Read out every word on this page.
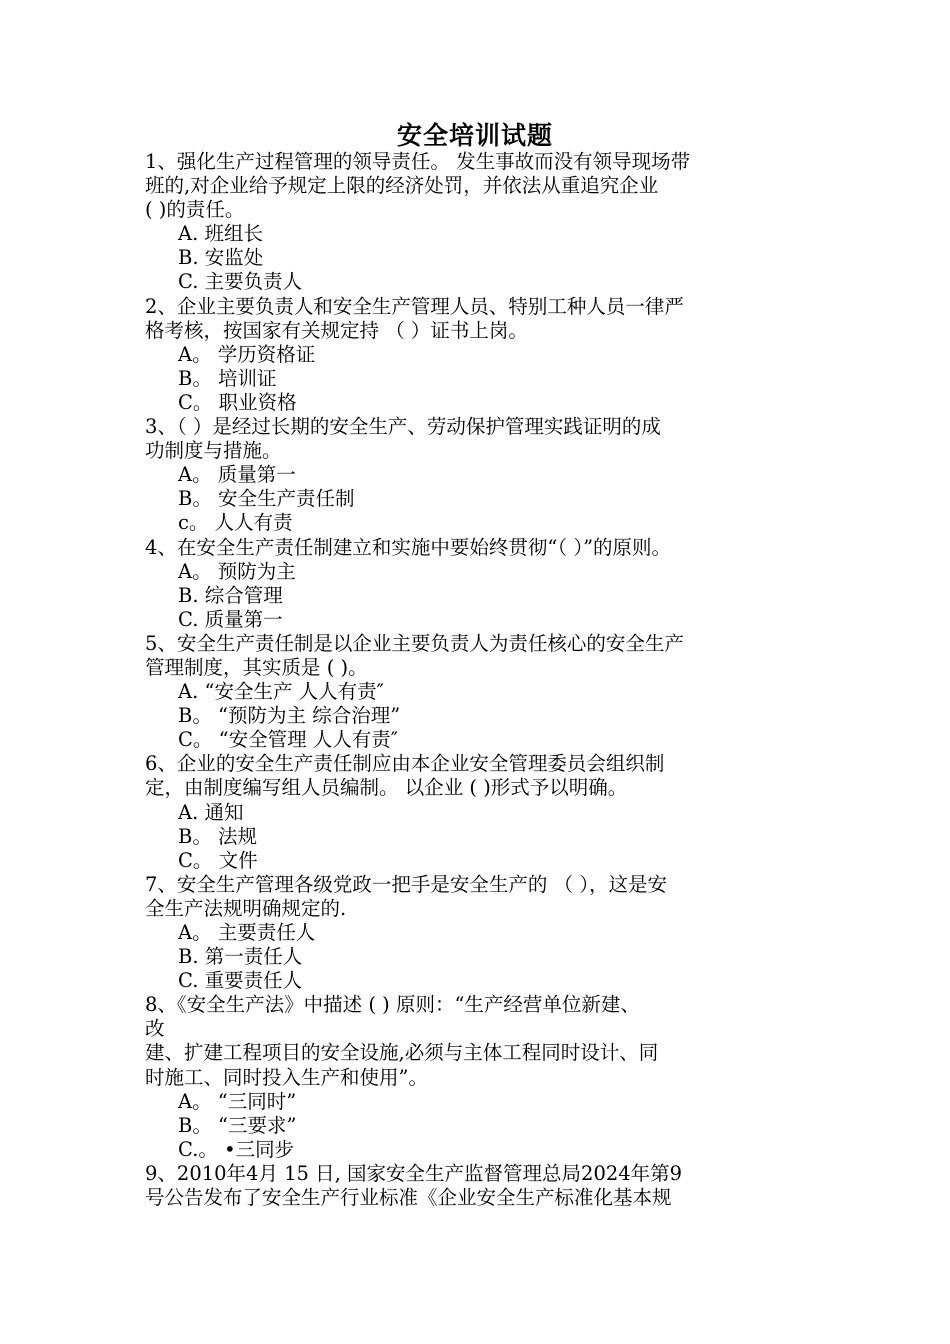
安全培训试题
1、强化生产过程管理的领导责任。 发生事故而没有领导现场带
班的,对企业给予规定上限的经济处罚，并依法从重追究企业
( )的责任。
A. 班组长
B. 安监处
C. 主要负责人
2、企业主要负责人和安全生产管理人员、特别工种人员一律严
格考核，按国家有关规定持 （ ）证书上岗。
A。 学历资格证
B。 培训证
C。 职业资格
3、（ ）是经过长期的安全生产、劳动保护管理实践证明的成
功制度与措施。
A。 质量第一
B。 安全生产责任制
c。 人人有责
4、在安全生产责任制建立和实施中要始终贯彻“（ ）”的原则。
A。 预防为主
B. 综合管理
C. 质量第一
5、安全生产责任制是以企业主要负责人为责任核心的安全生产
管理制度，其实质是 ( )。
A. “安全生产 人人有责″
B。 “预防为主 综合治理”
C。 “安全管理 人人有责″
6、企业的安全生产责任制应由本企业安全管理委员会组织制
定，由制度编写组人员编制。 以企业 ( )形式予以明确。
A. 通知
B。 法规
C。 文件
7、安全生产管理各级党政一把手是安全生产的 （ ），这是安
全生产法规明确规定的.
A。 主要责任人
B. 第一责任人
C. 重要责任人
8、《安全生产法》中描述 ( ) 原则：“生产经营单位新建、
改
建、扩建工程项目的安全设施,必须与主体工程同时设计、同
时施工、同时投入生产和使用”。
A。 “三同时”
B。 “三要求”
C.。 •三同步
9、2010年4月 15 日, 国家安全生产监督管理总局2024年第9
号公告发布了安全生产行业标准《企业安全生产标准化基本规
